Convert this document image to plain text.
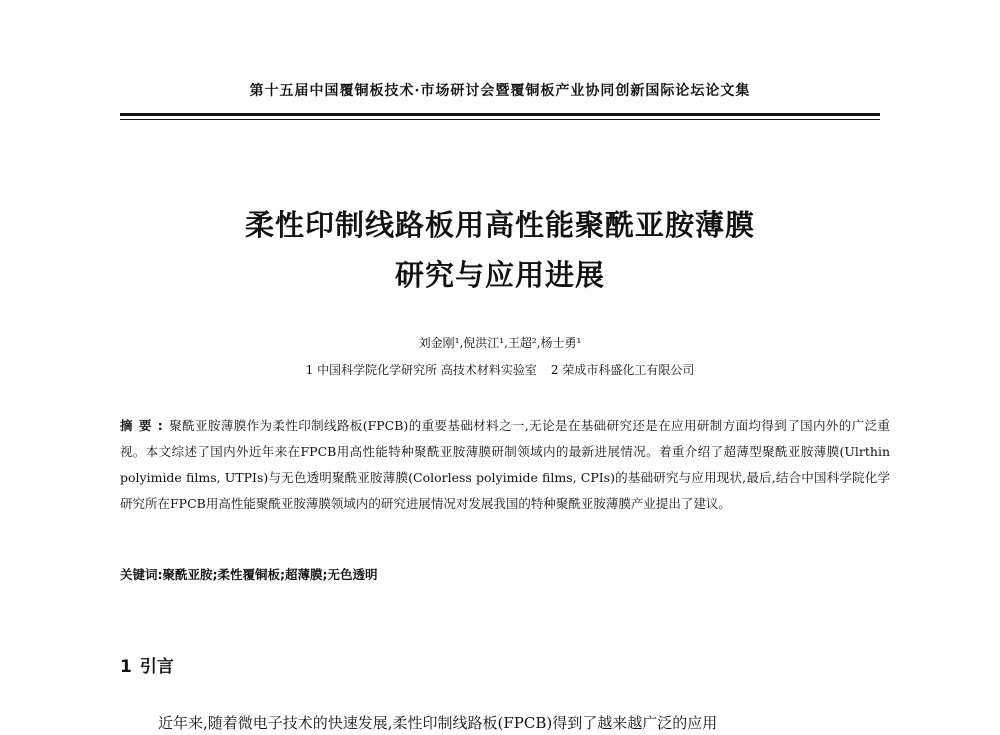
第十五届中国覆铜板技术·市场研讨会暨覆铜板产业协同创新国际论坛论文集
柔性印制线路板用高性能聚酰亚胺薄膜
研究与应用进展
刘金刚¹,倪洪江¹,王超²,杨士勇¹
1 中国科学院化学研究所 高技术材料实验室 2 荣成市科盛化工有限公司
摘要:聚酰亚胺薄膜作为柔性印制线路板(FPCB)的重要基础材料之一,无论是在基础研究还是在应用研制方面均得到了国内外的广泛重视。本文综述了国内外近年来在FPCB用高性能特种聚酰亚胺薄膜研制领域内的最新进展情况。着重介绍了超薄型聚酰亚胺薄膜(Ulrthin polyimide films, UTPIs)与无色透明聚酰亚胺薄膜(Colorless polyimide films, CPIs)的基础研究与应用现状,最后,结合中国科学院化学研究所在FPCB用高性能聚酰亚胺薄膜领域内的研究进展情况对发展我国的特种聚酰亚胺薄膜产业提出了建议。
关键词:聚酰亚胺;柔性覆铜板;超薄膜;无色透明
1 引言
近年来,随着微电子技术的快速发展,柔性印制线路板(FPCB)得到了越来越广泛的应用
